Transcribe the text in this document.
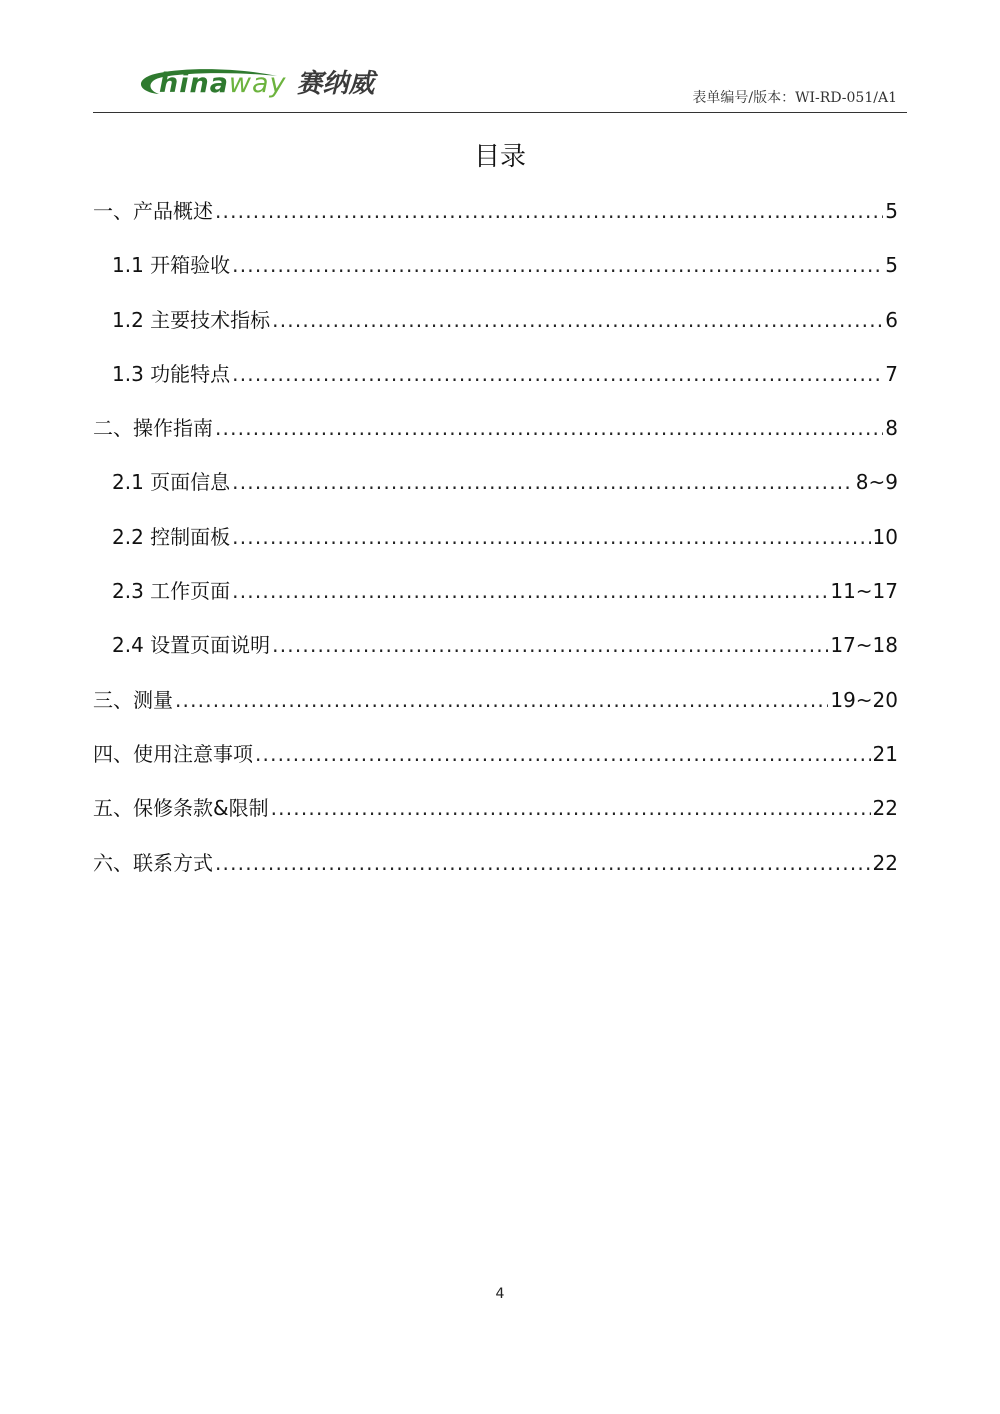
hinaway 赛纳威	表单编号/版本：WI-RD-051/A1
目录
一、产品概述 .....	5
1.1 开箱验收 .....	5
1.2 主要技术指标 .....	6
1.3 功能特点 .....	7
二、操作指南 .....	8
2.1 页面信息 .....	8~9
2.2 控制面板 .....	10
2.3 工作页面 .....	11~17
2.4 设置页面说明 .....	17~18
三、测量 .....	19~20
四、使用注意事项 .....	21
五、保修条款&限制 .....	22
六、联系方式 .....	22
4
